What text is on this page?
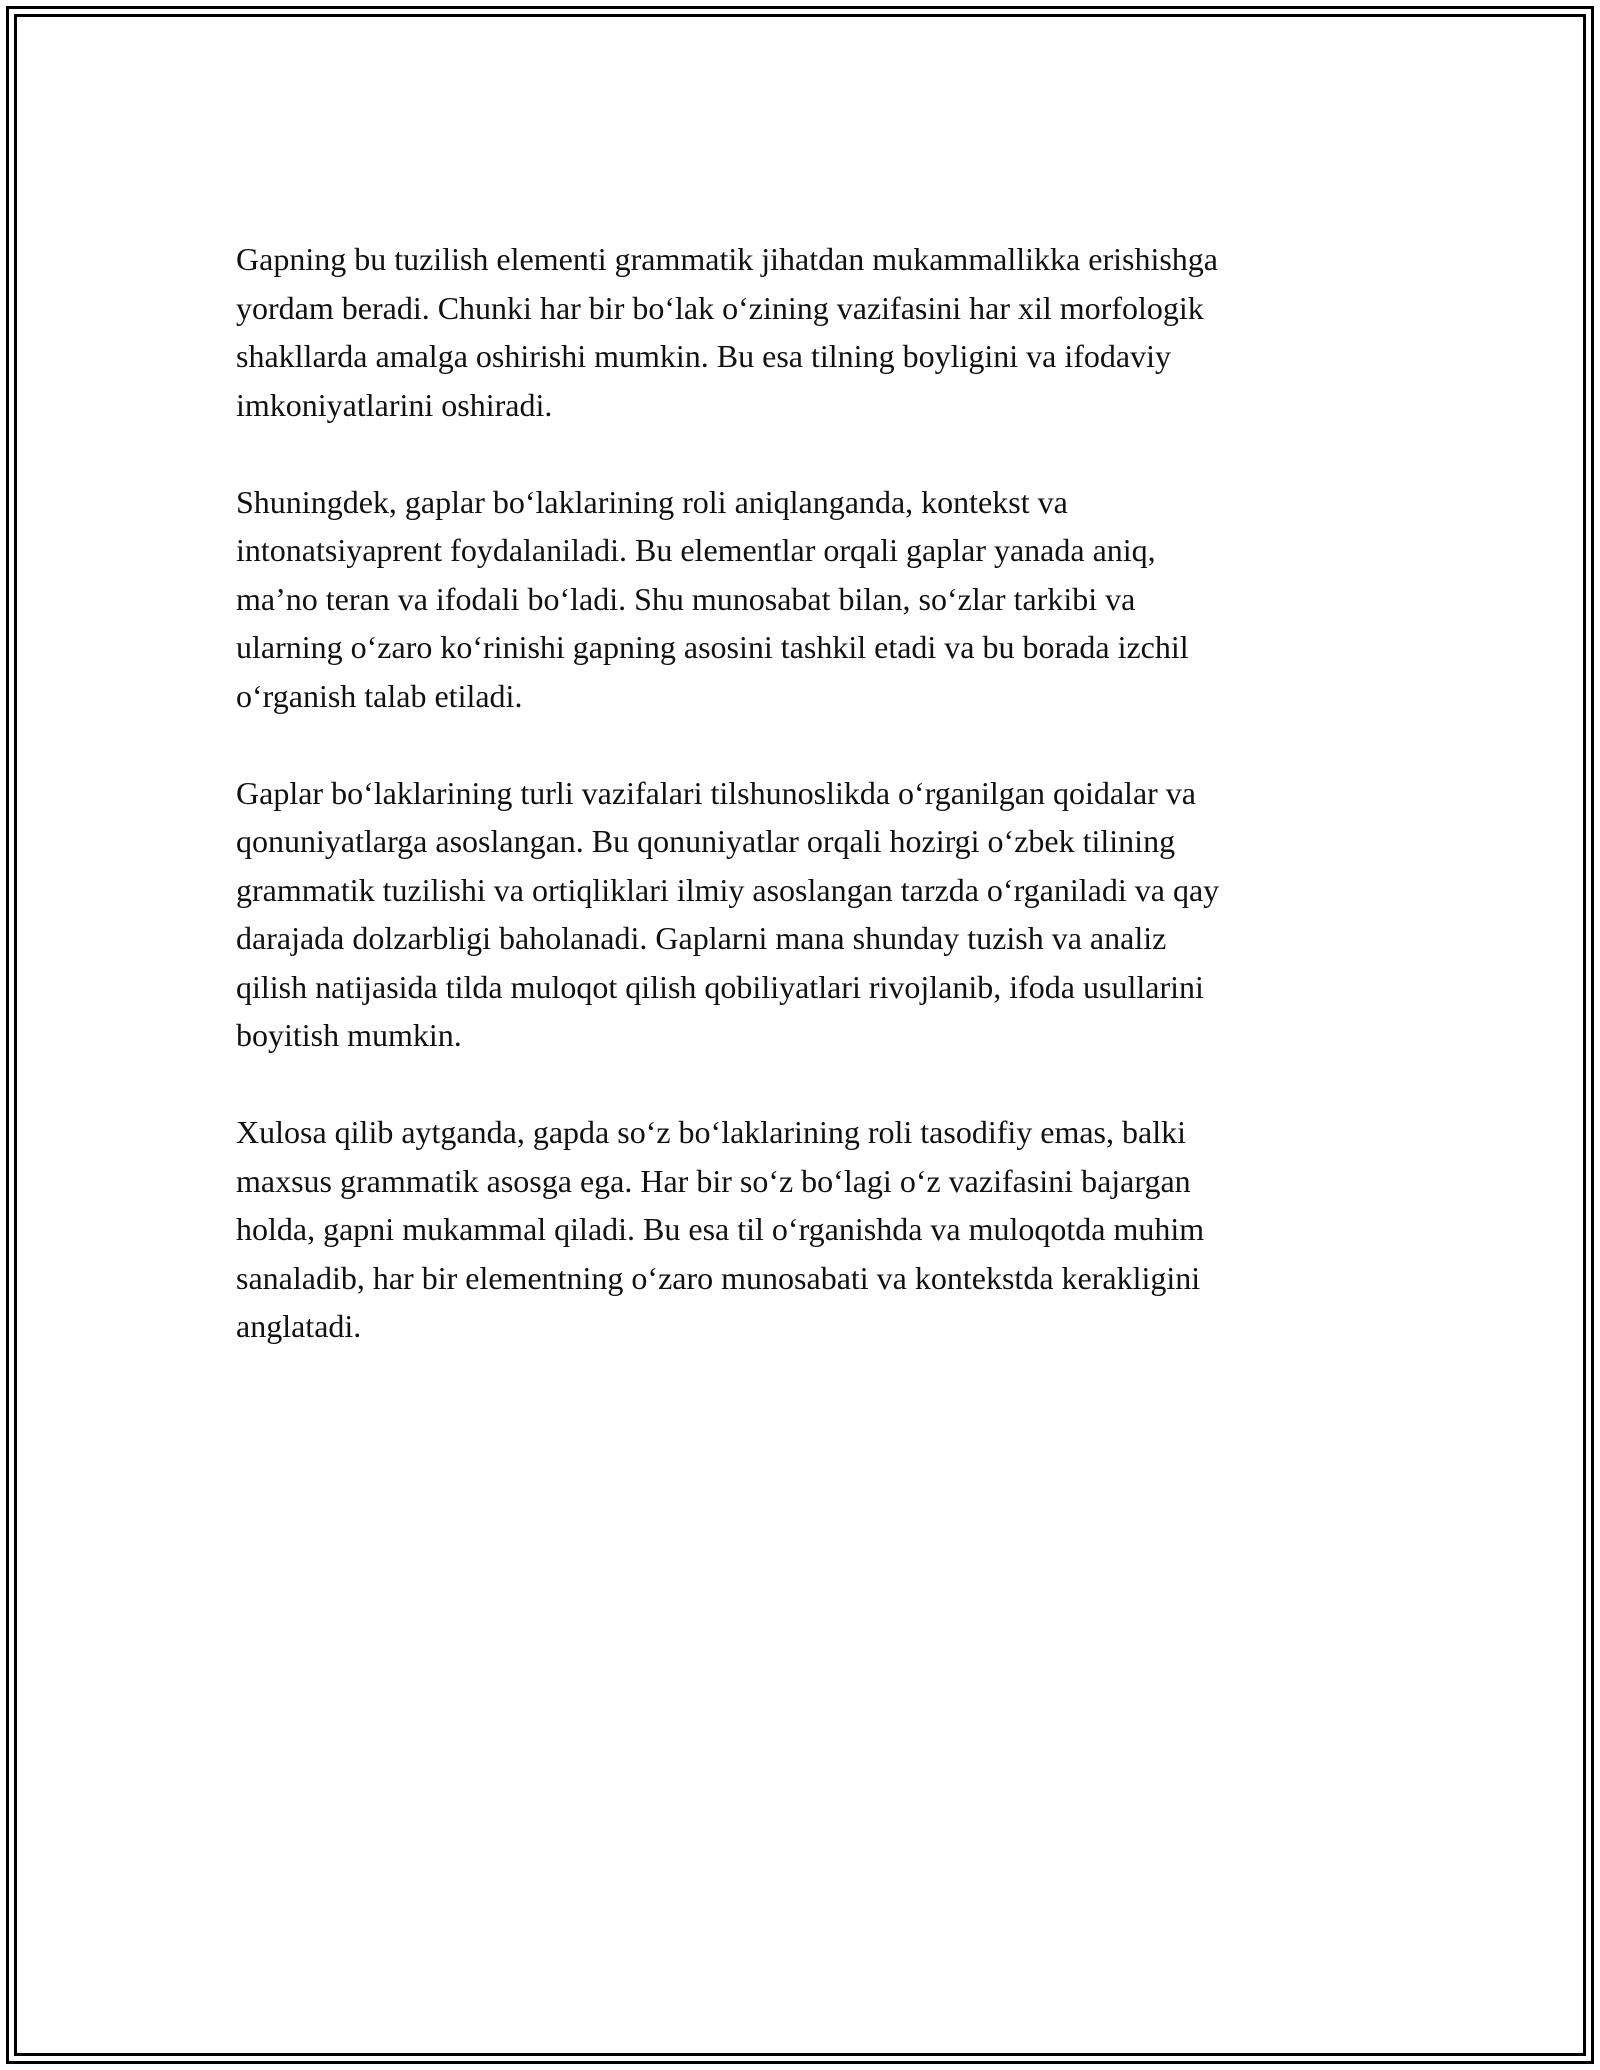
Gapning bu tuzilish elementi grammatik jihatdan mukammallikka erishishga
yordam beradi. Chunki har bir bo‘lak o‘zining vazifasini har xil morfologik
shakllarda amalga oshirishi mumkin. Bu esa tilning boyligini va ifodaviy
imkoniyatlarini oshiradi.

Shuningdek, gaplar bo‘laklarining roli aniqlanganda, kontekst va
intonatsiyaprent foydalaniladi. Bu elementlar orqali gaplar yanada aniq,
ma’no teran va ifodali bo‘ladi. Shu munosabat bilan, so‘zlar tarkibi va
ularning o‘zaro ko‘rinishi gapning asosini tashkil etadi va bu borada izchil
o‘rganish talab etiladi.

Gaplar bo‘laklarining turli vazifalari tilshunoslikda o‘rganilgan qoidalar va
qonuniyatlarga asoslangan. Bu qonuniyatlar orqali hozirgi o‘zbek tilining
grammatik tuzilishi va ortiqliklari ilmiy asoslangan tarzda o‘rganiladi va qay
darajada dolzarbligi baholanadi. Gaplarni mana shunday tuzish va analiz
qilish natijasida tilda muloqot qilish qobiliyatlari rivojlanib, ifoda usullarini
boyitish mumkin.

Xulosa qilib aytganda, gapda so‘z bo‘laklarining roli tasodifiy emas, balki
maxsus grammatik asosga ega. Har bir so‘z bo‘lagi o‘z vazifasini bajargan
holda, gapni mukammal qiladi. Bu esa til o‘rganishda va muloqotda muhim
sanaladib, har bir elementning o‘zaro munosabati va kontekstda kerakligini
anglatadi.
